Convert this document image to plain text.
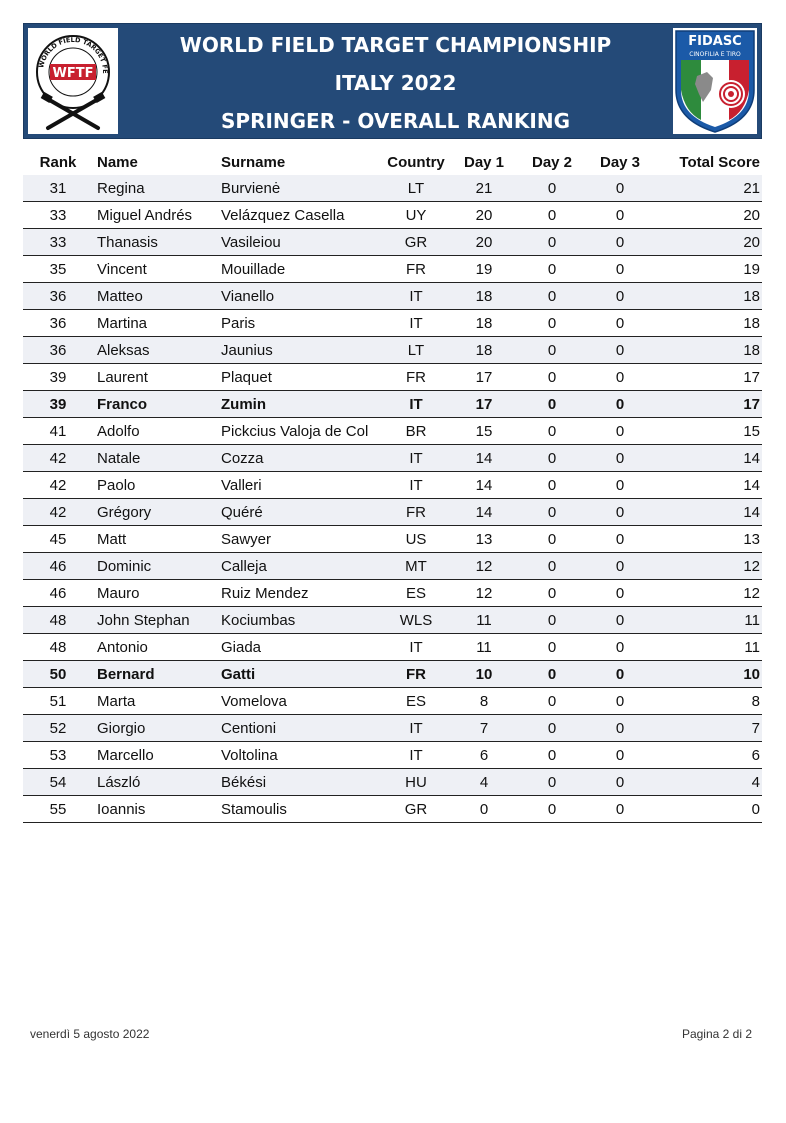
WORLD FIELD TARGET FE
WFTF
WORLD FIELD TARGET CHAMPIONSHIP
ITALY 2022
SPRINGER - OVERALL RANKING
FIDASC
CINOFILIA E TIRO
Rank	Name	Surname	Country	Day 1	Day 2	Day 3	Total Score
31	Regina	Burvienė	LT	21	0	0	21
33	Miguel Andrés	Velázquez Casella	UY	20	0	0	20
33	Thanasis	Vasileiou	GR	20	0	0	20
35	Vincent	Mouillade	FR	19	0	0	19
36	Matteo	Vianello	IT	18	0	0	18
36	Martina	Paris	IT	18	0	0	18
36	Aleksas	Jaunius	LT	18	0	0	18
39	Laurent	Plaquet	FR	17	0	0	17
39	Franco	Zumin	IT	17	0	0	17
41	Adolfo	Pickcius Valoja de Col	BR	15	0	0	15
42	Natale	Cozza	IT	14	0	0	14
42	Paolo	Valleri	IT	14	0	0	14
42	Grégory	Quéré	FR	14	0	0	14
45	Matt	Sawyer	US	13	0	0	13
46	Dominic	Calleja	MT	12	0	0	12
46	Mauro	Ruiz Mendez	ES	12	0	0	12
48	John Stephan	Kociumbas	WLS	11	0	0	11
48	Antonio	Giada	IT	11	0	0	11
50	Bernard	Gatti	FR	10	0	0	10
51	Marta	Vomelova	ES	8	0	0	8
52	Giorgio	Centioni	IT	7	0	0	7
53	Marcello	Voltolina	IT	6	0	0	6
54	László	Békési	HU	4	0	0	4
55	Ioannis	Stamoulis	GR	0	0	0	0
venerdì 5 agosto 2022	Pagina 2 di 2
